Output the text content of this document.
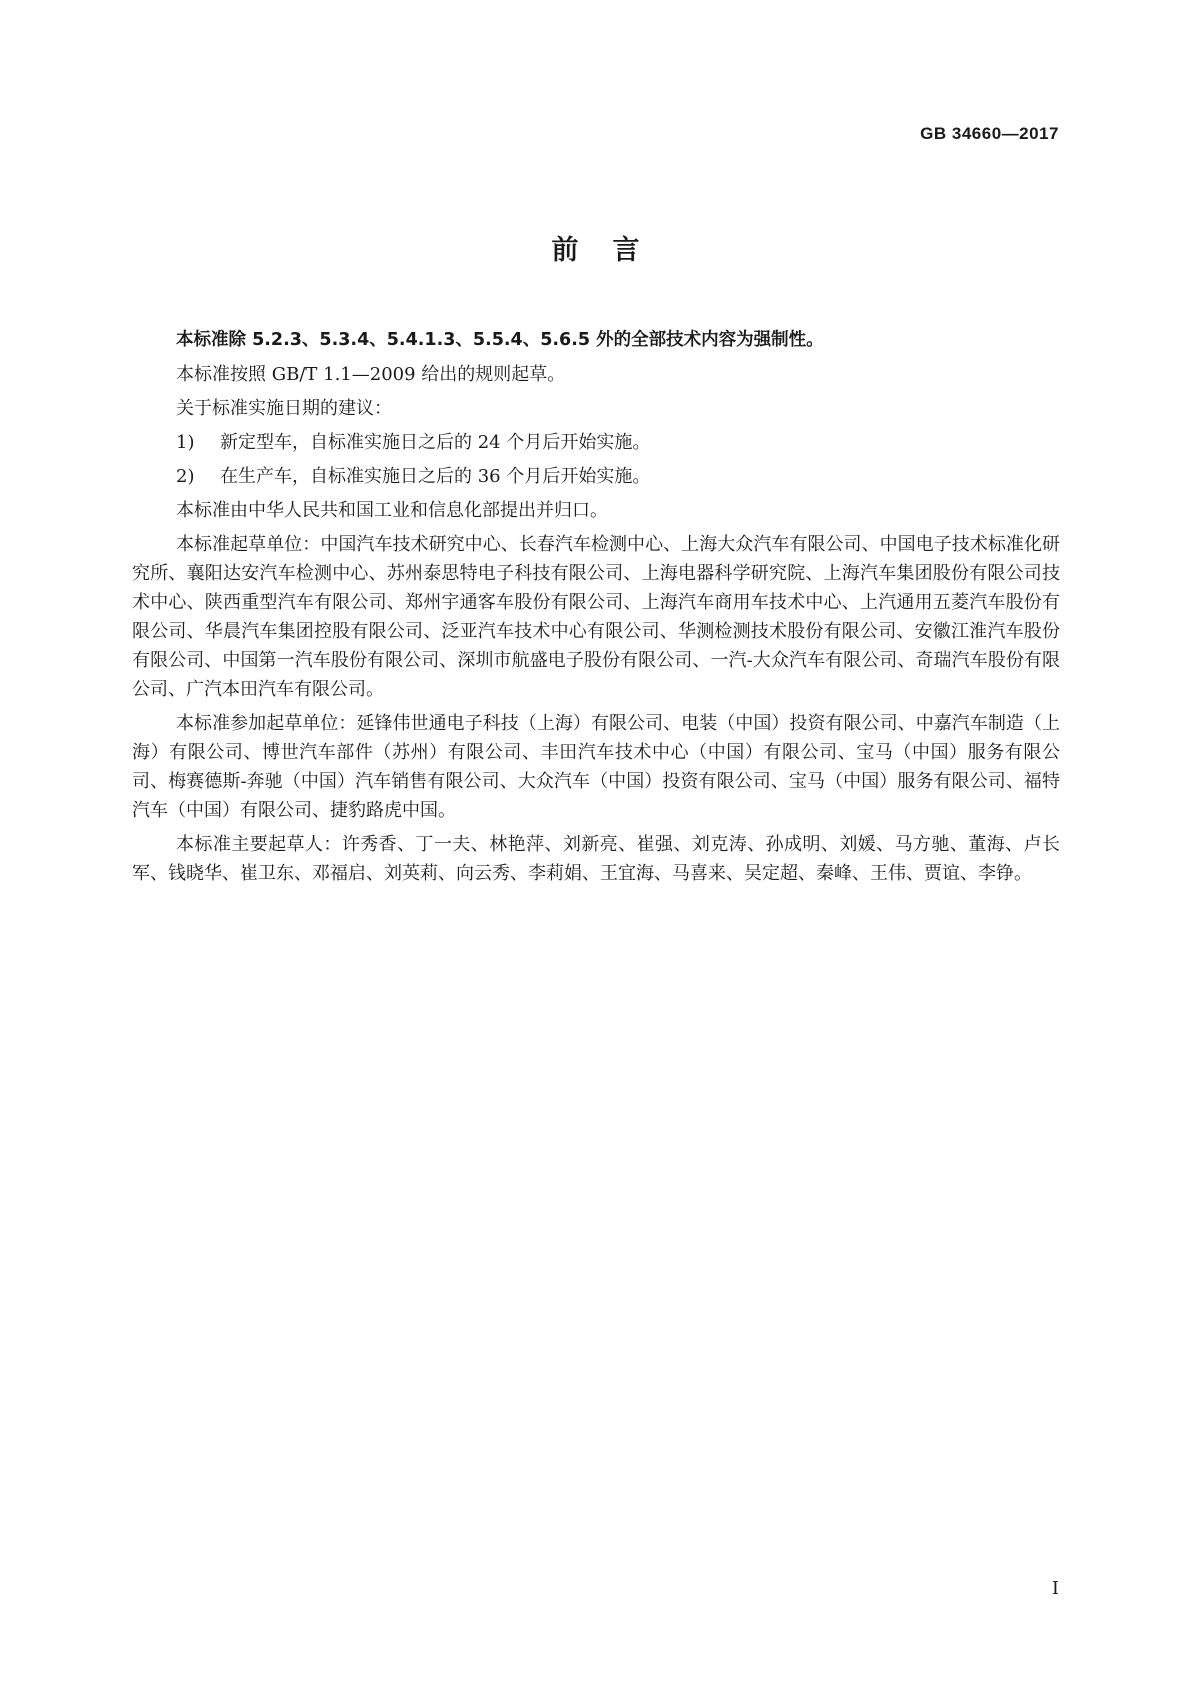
GB 34660—2017
前言

本标准除 5.2.3、5.3.4、5.4.1.3、5.5.4、5.6.5 外的全部技术内容为强制性。

本标准按照 GB/T 1.1—2009 给出的规则起草。

关于标准实施日期的建议：

1) 新定型车，自标准实施日之后的 24 个月后开始实施。
2) 在生产车，自标准实施日之后的 36 个月后开始实施。

本标准由中华人民共和国工业和信息化部提出并归口。

本标准起草单位：中国汽车技术研究中心、长春汽车检测中心、上海大众汽车有限公司、中国电子技术标准化研究所、襄阳达安汽车检测中心、苏州泰思特电子科技有限公司、上海电器科学研究院、上海汽车集团股份有限公司技术中心、陕西重型汽车有限公司、郑州宇通客车股份有限公司、上海汽车商用车技术中心、上汽通用五菱汽车股份有限公司、华晨汽车集团控股有限公司、泛亚汽车技术中心有限公司、华测检测技术股份有限公司、安徽江淮汽车股份有限公司、中国第一汽车股份有限公司、深圳市航盛电子股份有限公司、一汽-大众汽车有限公司、奇瑞汽车股份有限公司、广汽本田汽车有限公司。

本标准参加起草单位：延锋伟世通电子科技（上海）有限公司、电装（中国）投资有限公司、中嘉汽车制造（上海）有限公司、博世汽车部件（苏州）有限公司、丰田汽车技术中心（中国）有限公司、宝马（中国）服务有限公司、梅赛德斯-奔驰（中国）汽车销售有限公司、大众汽车（中国）投资有限公司、宝马（中国）服务有限公司、福特汽车（中国）有限公司、捷豹路虎中国。

本标准主要起草人：许秀香、丁一夫、林艳萍、刘新亮、崔强、刘克涛、孙成明、刘媛、马方驰、董海、卢长军、钱晓华、崔卫东、邓福启、刘英莉、向云秀、李莉娟、王宜海、马喜来、吴定超、秦峰、王伟、贾谊、李铮。

I
